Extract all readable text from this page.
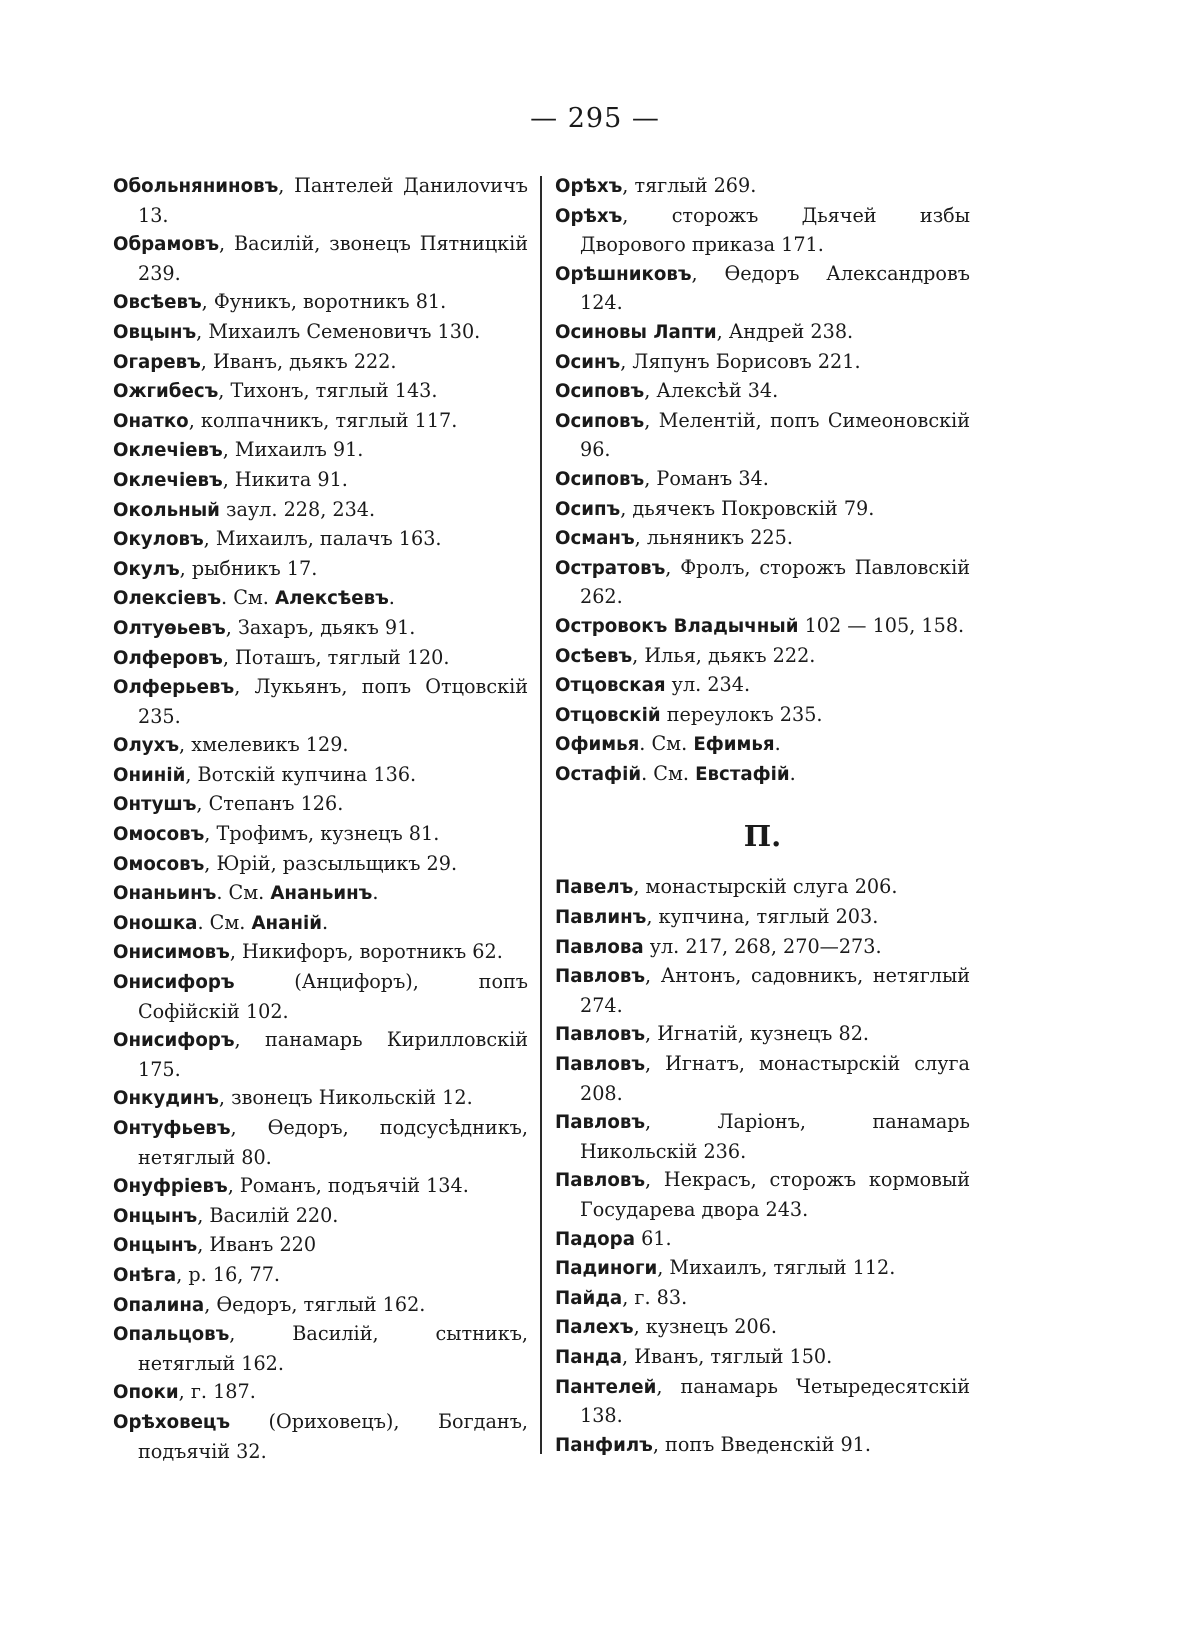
— 295 —

Обольняниновъ, Пантелей Данилovичъ 13.

Обрамовъ, Василій, звонецъ Пятницкій 239.

Овсѣевъ, Фуникъ, воротникъ 81.

Овцынъ, Михаилъ Семеновичъ 130.

Огаревъ, Иванъ, дьякъ 222.

Ожгибесъ, Тихонъ, тяглый 143.

Онатко, колпачникъ, тяглый 117.

Оклечіевъ, Михаилъ 91.

Оклечіевъ, Никита 91.

Окольный заул. 228, 234.

Окуловъ, Михаилъ, палачъ 163.

Окулъ, рыбникъ 17.

Олексіевъ. См. Алексѣевъ.

Олтуѳьевъ, Захаръ, дьякъ 91.

Олферовъ, Поташъ, тяглый 120.

Олферьевъ, Лукьянъ, попъ Отцовскій 235.

Олухъ, хмелевикъ 129.

Ониній, Вотскій купчина 136.

Онтушъ, Степанъ 126.

Омосовъ, Трофимъ, кузнецъ 81.

Омосовъ, Юрій, разсыльщикъ 29.

Онаньинъ. См. Ананьинъ.

Оношка. См. Ананій.

Онисимовъ, Никифоръ, воротникъ 62.

Онисифоръ (Анцифоръ), попъ Софійскій 102.

Онисифоръ, панамарь Кирилловскій 175.

Онкудинъ, звонецъ Никольскій 12.

Онтуфьевъ, Ѳедоръ, подсусѣдникъ, нетяглый 80.

Онуфріевъ, Романъ, подъячій 134.

Онцынъ, Василій 220.

Онцынъ, Иванъ 220

Онѣга, р. 16, 77.

Опалина, Ѳедоръ, тяглый 162.

Опальцовъ, Василій, сытникъ, нетяглый 162.

Опоки, г. 187.

Орѣховецъ (Ориховецъ), Богданъ, подъячій 32.

Орѣхъ, тяглый 269.

Орѣхъ, сторожъ Дьячей избы Дворового приказа 171.

Орѣшниковъ, Ѳедоръ Александровъ 124.

Осиновы Лапти, Андрей 238.

Осинъ, Ляпунъ Борисовъ 221.

Осиповъ, Алексѣй 34.

Осиповъ, Мелентій, попъ Симеоновскій 96.

Осиповъ, Романъ 34.

Осипъ, дьячекъ Покровскій 79.

Османъ, льняникъ 225.

Остратовъ, Фролъ, сторожъ Павловскій 262.

Островокъ Владычный 102 — 105, 158.

Осѣевъ, Илья, дьякъ 222.

Отцовская ул. 234.

Отцовскій переулокъ 235.

Офимья. См. Ефимья.

Остафій. См. Евстафій.

П.

Павелъ, монастырскій слуга 206.

Павлинъ, купчина, тяглый 203.

Павлова ул. 217, 268, 270—273.

Павловъ, Антонъ, садовникъ, нетяглый 274.

Павловъ, Игнатій, кузнецъ 82.

Павловъ, Игнатъ, монастырскій слуга 208.

Павловъ, Ларіонъ, панамарь Никольскій 236.

Павловъ, Некрасъ, сторожъ кормовый Государева двора 243.

Падора 61.

Падиноги, Михаилъ, тяглый 112.

Пайда, г. 83.

Палехъ, кузнецъ 206.

Панда, Иванъ, тяглый 150.

Пантелей, панамарь Четыредесятскій 138.

Панфилъ, попъ Введенскій 91.
